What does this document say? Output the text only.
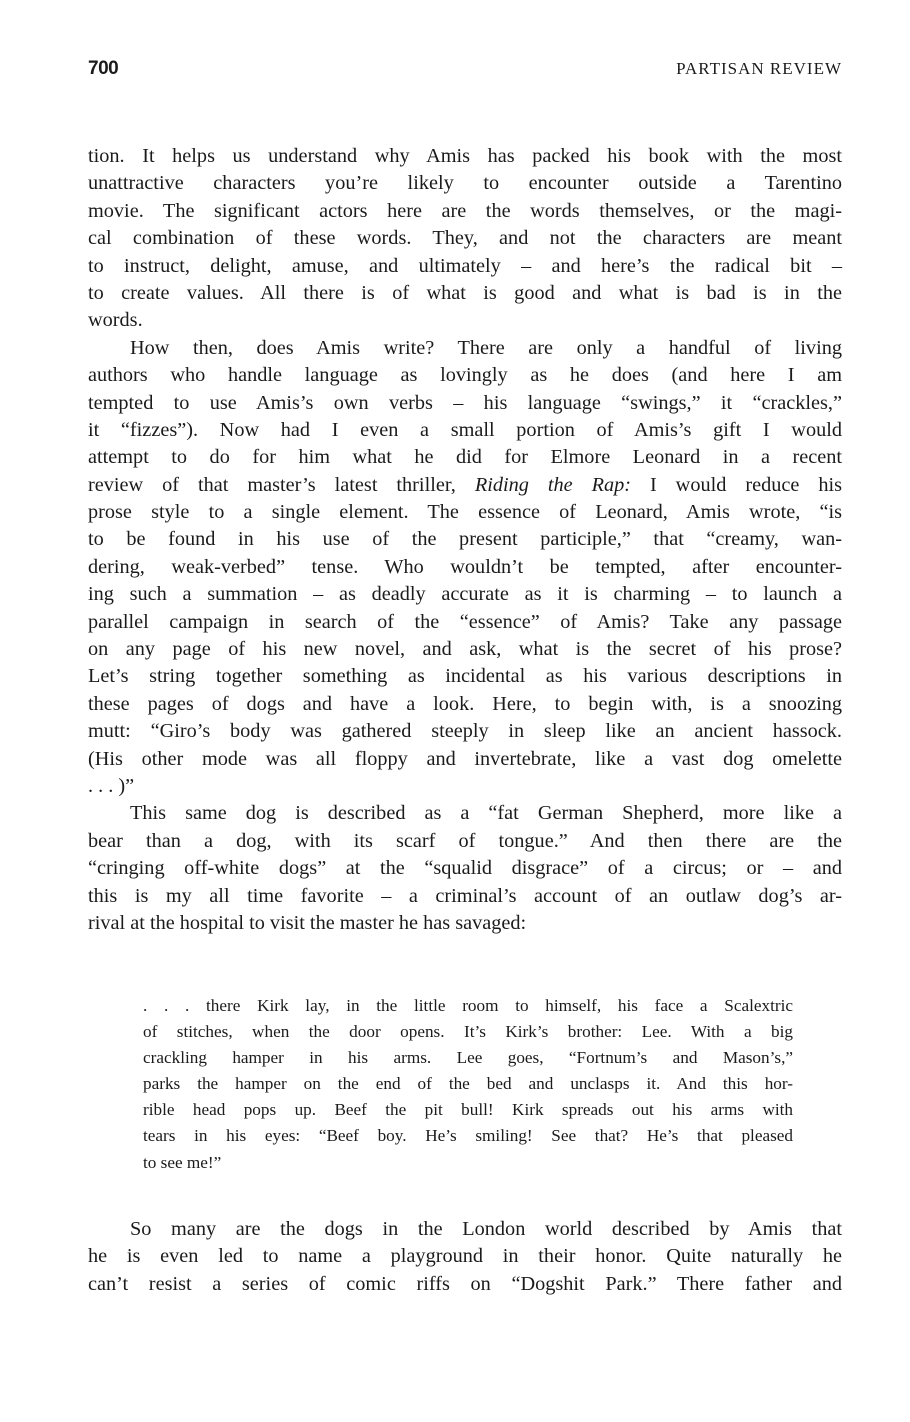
700	PARTISAN REVIEW
tion. It helps us understand why Amis has packed his book with the most
unattractive characters you’re likely to encounter outside a Tarentino
movie. The significant actors here are the words themselves, or the magi-
cal combination of these words. They, and not the characters are meant
to instruct, delight, amuse, and ultimately – and here’s the radical bit –
to create values. All there is of what is good and what is bad is in the
words.
How then, does Amis write? There are only a handful of living
authors who handle language as lovingly as he does (and here I am
tempted to use Amis’s own verbs – his language “swings,” it “crackles,”
it “fizzes”). Now had I even a small portion of Amis’s gift I would
attempt to do for him what he did for Elmore Leonard in a recent
review of that master’s latest thriller, Riding the Rap: I would reduce his
prose style to a single element. The essence of Leonard, Amis wrote, “is
to be found in his use of the present participle,” that “creamy, wan-
dering, weak-verbed” tense. Who wouldn’t be tempted, after encounter-
ing such a summation – as deadly accurate as it is charming – to launch a
parallel campaign in search of the “essence” of Amis? Take any passage
on any page of his new novel, and ask, what is the secret of his prose?
Let’s string together something as incidental as his various descriptions in
these pages of dogs and have a look. Here, to begin with, is a snoozing
mutt: “Giro’s body was gathered steeply in sleep like an ancient hassock.
(His other mode was all floppy and invertebrate, like a vast dog omelette
. . . )”
This same dog is described as a “fat German Shepherd, more like a
bear than a dog, with its scarf of tongue.” And then there are the
“cringing off-white dogs” at the “squalid disgrace” of a circus; or – and
this is my all time favorite – a criminal’s account of an outlaw dog’s ar-
rival at the hospital to visit the master he has savaged:
. . . there Kirk lay, in the little room to himself, his face a Scalextric
of stitches, when the door opens. It’s Kirk’s brother: Lee. With a big
crackling hamper in his arms. Lee goes, “Fortnum’s and Mason’s,”
parks the hamper on the end of the bed and unclasps it. And this hor-
rible head pops up. Beef the pit bull! Kirk spreads out his arms with
tears in his eyes: “Beef boy. He’s smiling! See that? He’s that pleased
to see me!”
So many are the dogs in the London world described by Amis that
he is even led to name a playground in their honor. Quite naturally he
can’t resist a series of comic riffs on “Dogshit Park.” There father and
